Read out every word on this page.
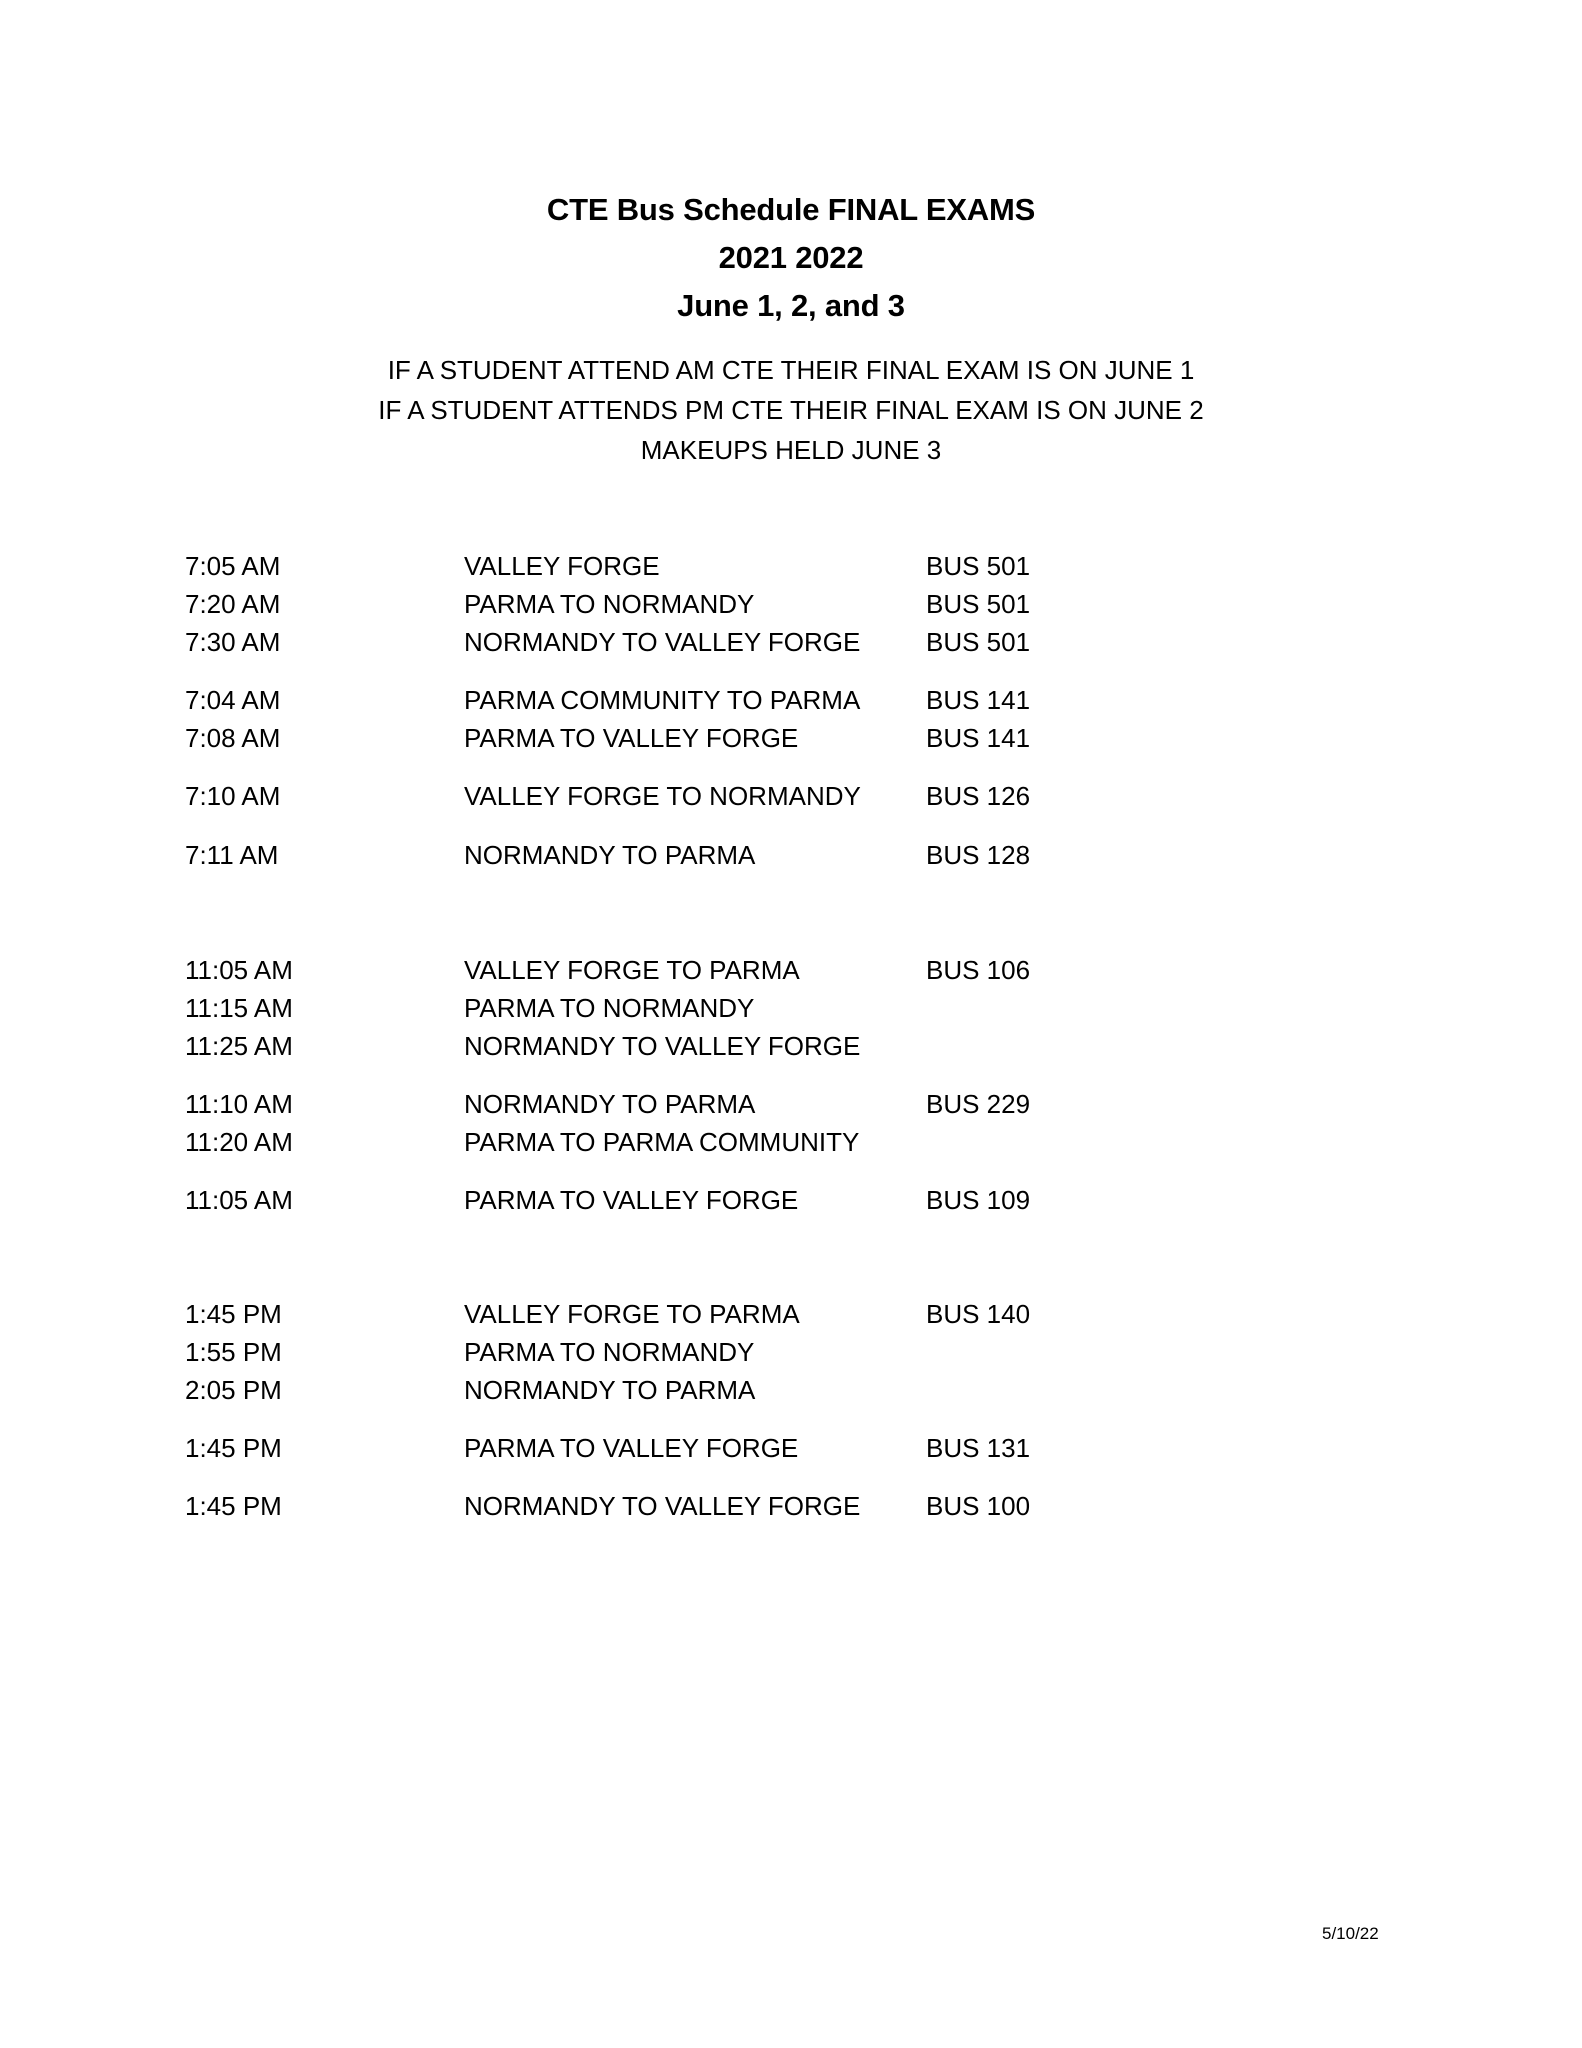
CTE Bus Schedule FINAL EXAMS
2021 2022
June 1, 2, and 3
IF A STUDENT ATTEND AM CTE THEIR FINAL EXAM IS ON JUNE 1
IF A STUDENT ATTENDS PM CTE THEIR FINAL EXAM IS ON JUNE 2
MAKEUPS HELD JUNE 3
7:05 AM	VALLEY FORGE	BUS 501
7:20 AM	PARMA TO NORMANDY	BUS 501
7:30 AM	NORMANDY TO VALLEY FORGE	BUS 501
7:04 AM	PARMA COMMUNITY TO PARMA	BUS 141
7:08 AM	PARMA TO VALLEY FORGE	BUS 141
7:10 AM	VALLEY FORGE TO NORMANDY	BUS 126
7:11 AM	NORMANDY TO PARMA	BUS 128
11:05 AM	VALLEY FORGE TO PARMA	BUS 106
11:15 AM	PARMA TO NORMANDY
11:25 AM	NORMANDY TO VALLEY FORGE
11:10 AM	NORMANDY TO PARMA	BUS 229
11:20 AM	PARMA TO PARMA COMMUNITY
11:05 AM	PARMA TO VALLEY FORGE	BUS 109
1:45 PM	VALLEY FORGE TO PARMA	BUS 140
1:55 PM	PARMA TO NORMANDY
2:05 PM	NORMANDY TO PARMA
1:45 PM	PARMA TO VALLEY FORGE	BUS 131
1:45 PM	NORMANDY TO VALLEY FORGE	BUS 100
5/10/22
